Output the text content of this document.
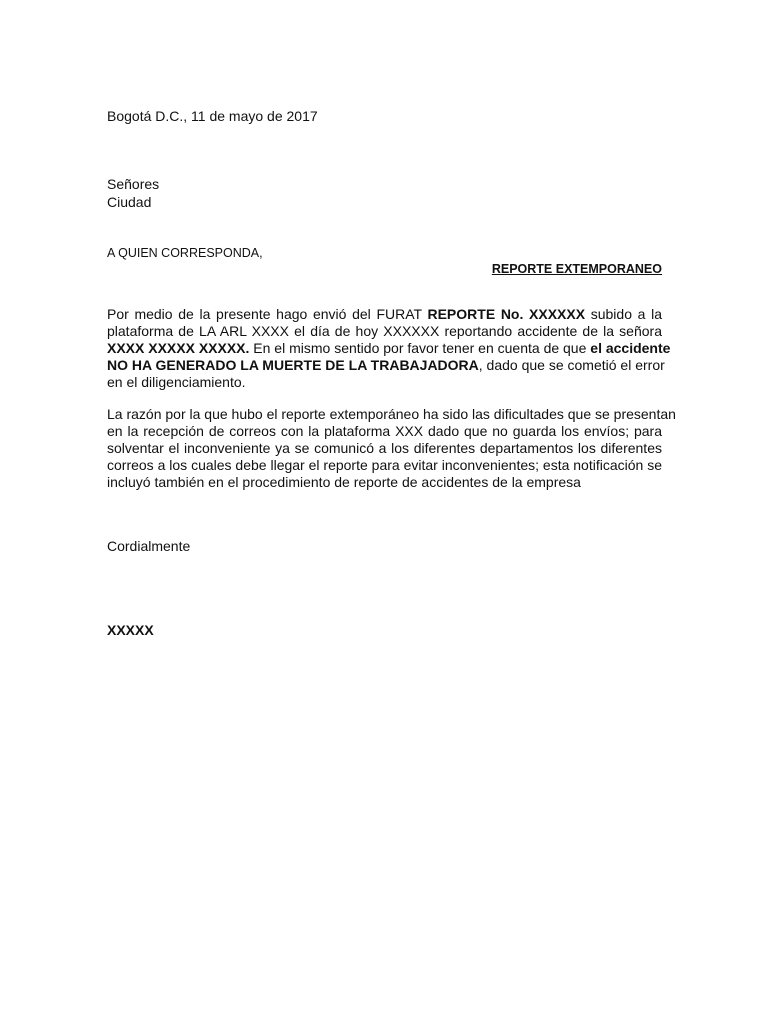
Bogotá D.C., 11 de mayo de 2017

Señores

Ciudad

A QUIEN CORRESPONDA,

REPORTE EXTEMPORANEO

Por medio de la presente hago envió del FURAT REPORTE No. XXXXXX subido a la
plataforma de LA ARL XXXX el día de hoy XXXXXX reportando accidente de la señora
XXXX XXXXX XXXXX. En el mismo sentido por favor tener en cuenta de que el accidente
NO HA GENERADO LA MUERTE DE LA TRABAJADORA, dado que se cometió el error
en el diligenciamiento.
La razón por la que hubo el reporte extemporáneo ha sido las dificultades que se presentan
en la recepción de correos con la plataforma XXX dado que no guarda los envíos; para
solventar el inconveniente ya se comunicó a los diferentes departamentos los diferentes
correos a los cuales debe llegar el reporte para evitar inconvenientes; esta notificación se
incluyó también en el procedimiento de reporte de accidentes de la empresa

Cordialmente

XXXXX
